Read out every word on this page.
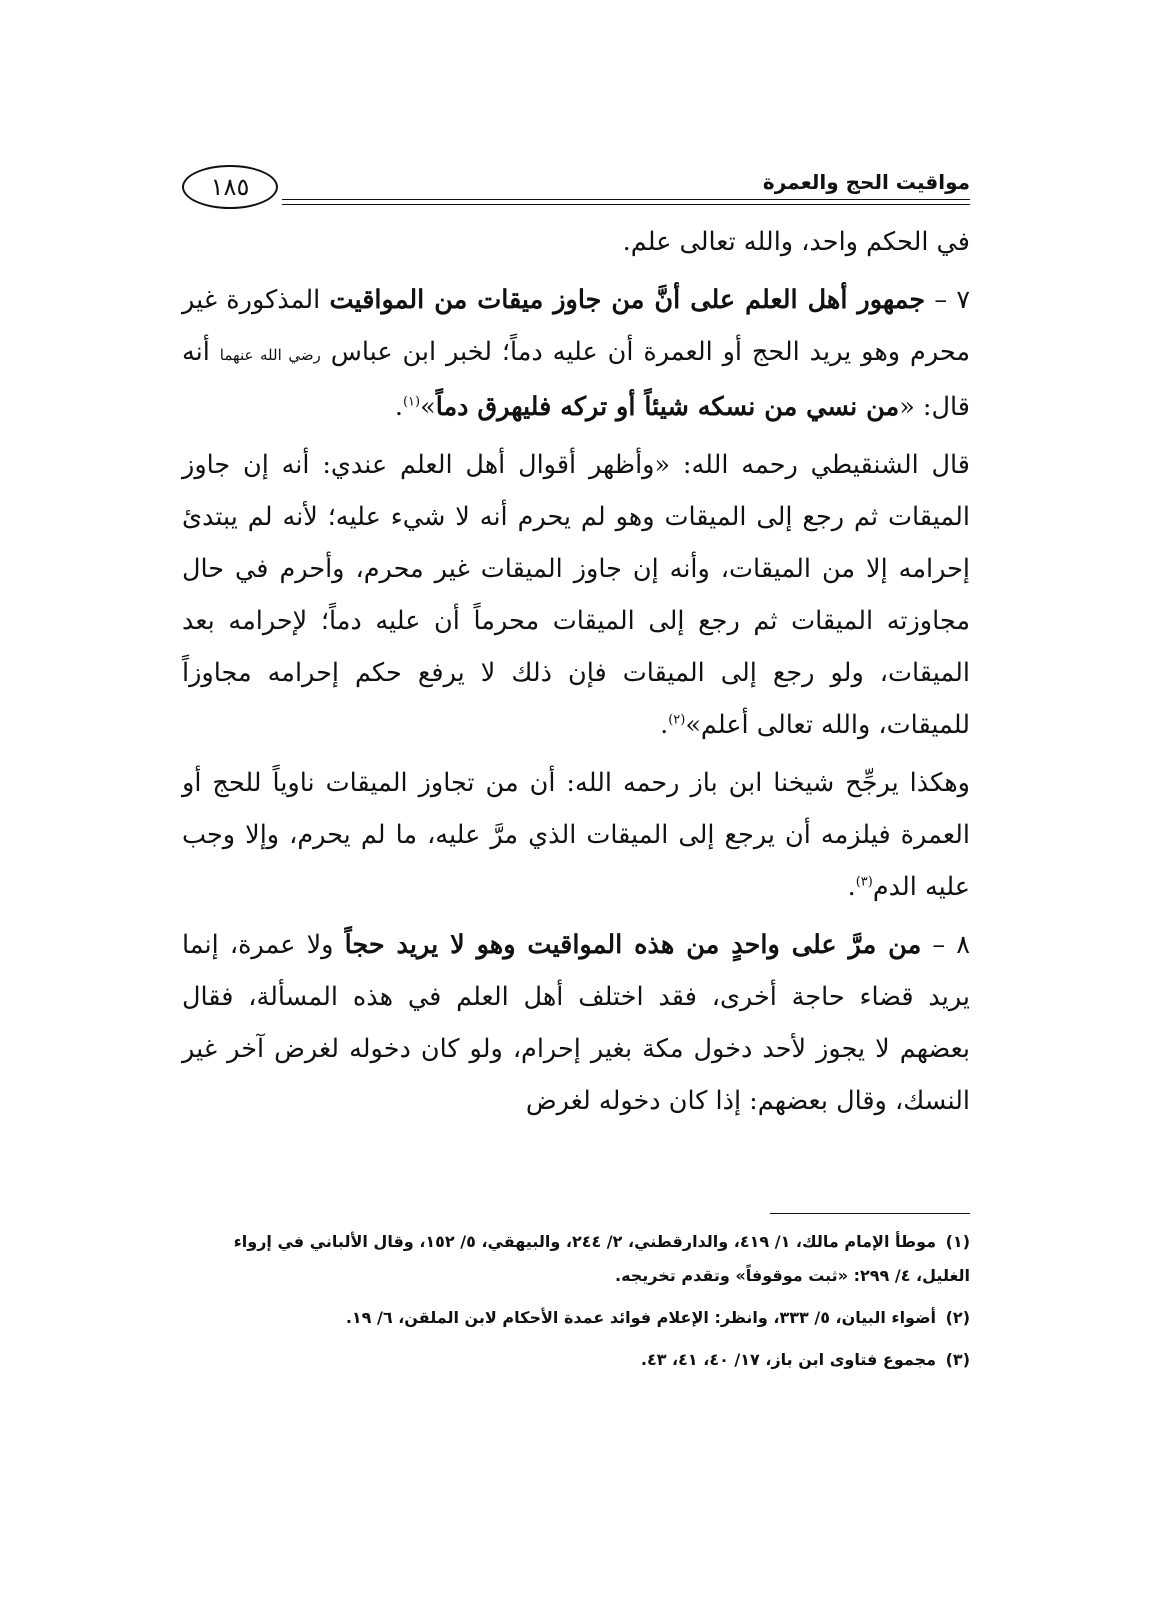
مواقيت الحج والعمرة
١٨٥

في الحكم واحد، والله تعالى علم.

٧ – جمهور أهل العلم على أنَّ من جاوز ميقات من المواقيت المذكورة غير محرم وهو يريد الحج أو العمرة أن عليه دماً؛ لخبر ابن عباس رضي الله عنهما أنه قال: «من نسي من نسكه شيئاً أو تركه فليهرق دماً»$^{(١)}$.

قال الشنقيطي رحمه الله: «وأظهر أقوال أهل العلم عندي: أنه إن جاوز الميقات ثم رجع إلى الميقات وهو لم يحرم أنه لا شيء عليه؛ لأنه لم يبتدئ إحرامه إلا من الميقات، وأنه إن جاوز الميقات غير محرم، وأحرم في حال مجاوزته الميقات ثم رجع إلى الميقات محرماً أن عليه دماً؛ لإحرامه بعد الميقات، ولو رجع إلى الميقات فإن ذلك لا يرفع حكم إحرامه مجاوزاً للميقات، والله تعالى أعلم»$^{(٢)}$.

وهكذا يرجِّح شيخنا ابن باز رحمه الله: أن من تجاوز الميقات ناوياً للحج أو العمرة فيلزمه أن يرجع إلى الميقات الذي مرَّ عليه، ما لم يحرم، وإلا وجب عليه الدم$^{(٣)}$.

٨ – من مرَّ على واحدٍ من هذه المواقيت وهو لا يريد حجاً ولا عمرة، إنما يريد قضاء حاجة أخرى، فقد اختلف أهل العلم في هذه المسألة، فقال بعضهم لا يجوز لأحد دخول مكة بغير إحرام، ولو كان دخوله لغرض آخر غير النسك، وقال بعضهم: إذا كان دخوله لغرض

(١) موطأ الإمام مالك، ١/ ٤١٩، والدارقطني، ٢/ ٢٤٤، والبيهقي، ٥/ ١٥٢، وقال الألباني في إرواء الغليل، ٤/ ٢٩٩: «ثبت موقوفاً» وتقدم تخريجه.

(٢) أضواء البيان، ٥/ ٣٣٣، وانظر: الإعلام فوائد عمدة الأحكام لابن الملقن، ٦/ ١٩.

(٣) مجموع فتاوى ابن باز، ١٧/ ٤٠، ٤١، ٤٣.
